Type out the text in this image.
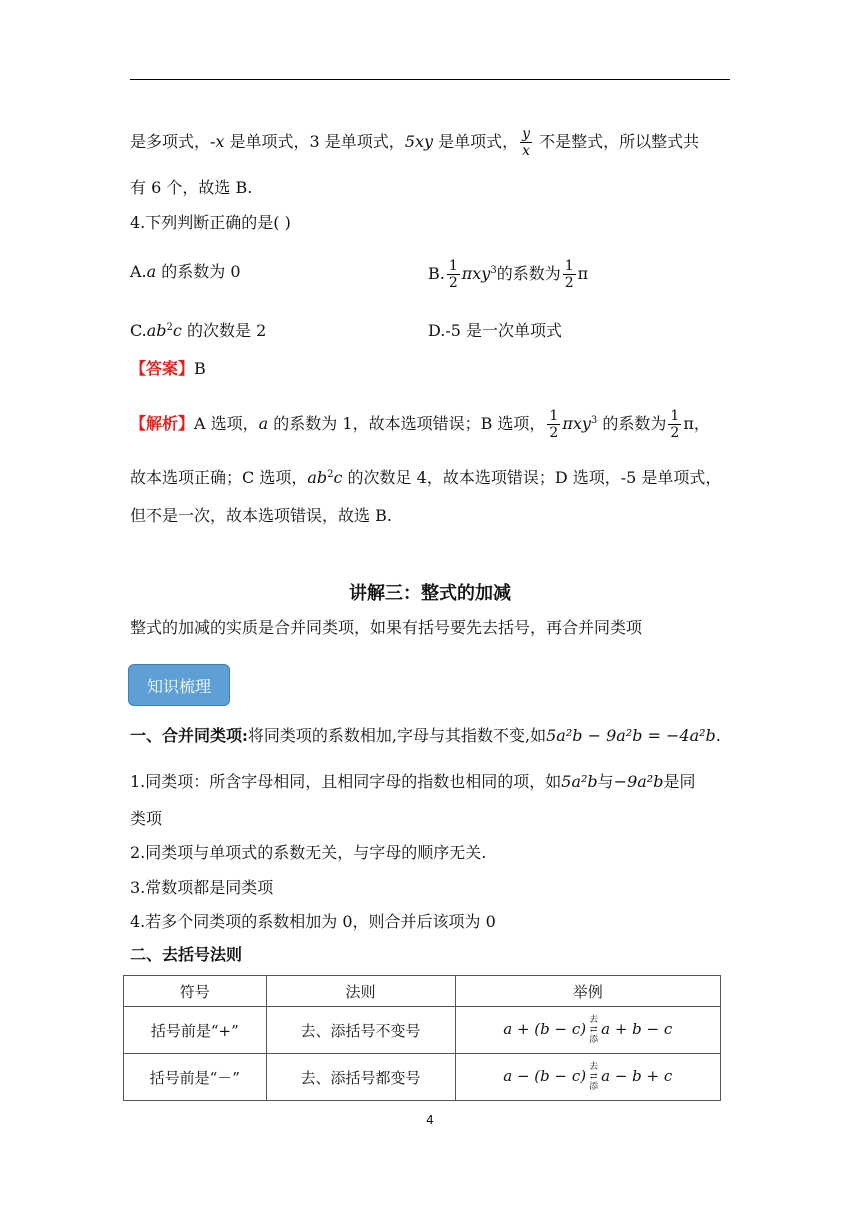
是多项式，-x 是单项式，3 是单项式，5xy 是单项式， $\frac{y}{x}$ 不是整式，所以整式共
有 6 个，故选 B.
4.下列判断正确的是( )
A.a 的系数为 0	B. $\frac{1}{2} \pi xy^3$的系数为 $\frac{1}{2}$ π
$C.ab^2c$ 的次数是 2	D.-5 是一次单项式
【答案】B
【解析】A 选项，a 的系数为 1，故本选项错误；B 选项， $\frac{1}{2} \pi xy^3$ 的系数为 $\frac{1}{2}$ π，
故本选项正确；C 选项，$ab^2c$ 的次数足 4，故本选项错误；D 选项，-5 是单项式，
但不是一次，故本选项错误，故选 B.
讲解三：整式的加减
整式的加减的实质是合并同类项，如果有括号要先去括号，再合并同类项
知识梳理
一、合并同类项:将同类项的系数相加,字母与其指数不变,如5a²b − 9a²b = −4a²b.
1.同类项：所含字母相同，且相同字母的指数也相同的项，如5a²b与−9a²b是同
类项
2.同类项与单项式的系数无关，与字母的顺序无关.
3.常数项都是同类项
4.若多个同类项的系数相加为 0，则合并后该项为 0
二、去括号法则
符号	法则	举例
括号前是“+”	去、添括号不变号	a + (b − c) 去
⇄
添
a + b − c
括号前是“－”	去、添括号都变号	a − (b − c) 去
⇄
添
a − b + c
4
